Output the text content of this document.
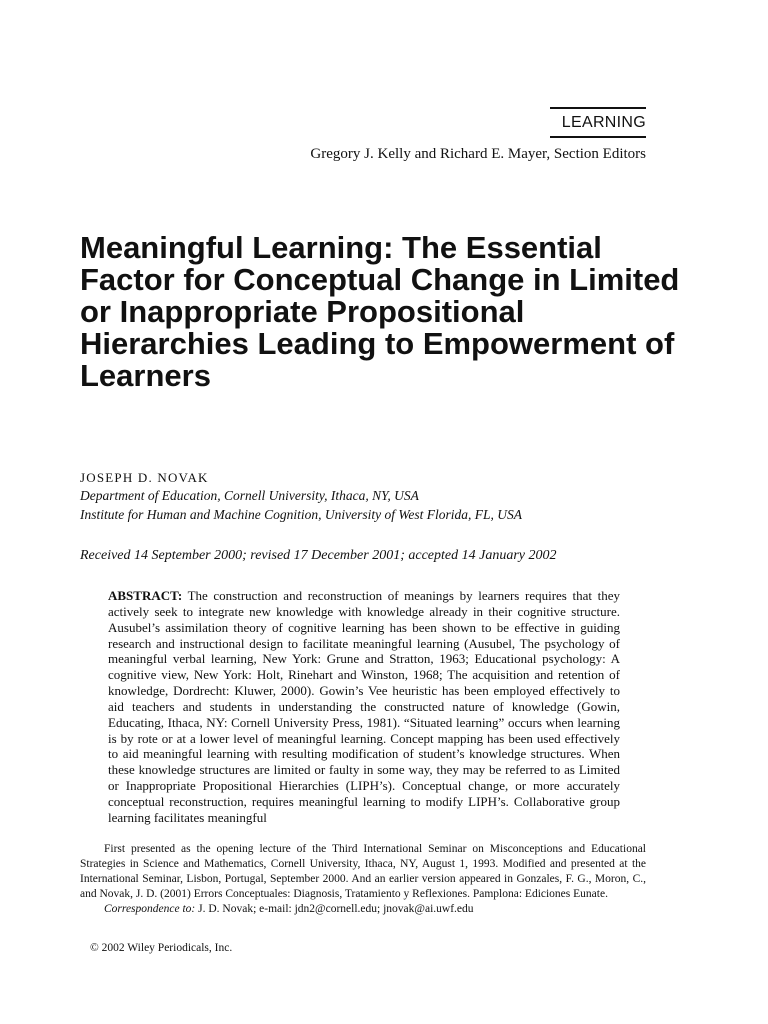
LEARNING
Gregory J. Kelly and Richard E. Mayer, Section Editors
Meaningful Learning: The Essential Factor for Conceptual Change in Limited or Inappropriate Propositional Hierarchies Leading to Empowerment of Learners
JOSEPH D. NOVAK
Department of Education, Cornell University, Ithaca, NY, USA
Institute for Human and Machine Cognition, University of West Florida, FL, USA
Received 14 September 2000; revised 17 December 2001; accepted 14 January 2002

ABSTRACT: The construction and reconstruction of meanings by learners requires that they actively seek to integrate new knowledge with knowledge already in their cognitive structure. Ausubel’s assimilation theory of cognitive learning has been shown to be effective in guiding research and instructional design to facilitate meaningful learning (Ausubel, The psychology of meaningful verbal learning, New York: Grune and Stratton, 1963; Educational psychology: A cognitive view, New York: Holt, Rinehart and Winston, 1968; The acquisition and retention of knowledge, Dordrecht: Kluwer, 2000). Gowin’s Vee heuristic has been employed effectively to aid teachers and students in understanding the constructed nature of knowledge (Gowin, Educating, Ithaca, NY: Cornell University Press, 1981). “Situated learning” occurs when learning is by rote or at a lower level of meaningful learning. Concept mapping has been used effectively to aid meaningful learning with resulting modification of student’s knowledge structures. When these knowledge structures are limited or faulty in some way, they may be referred to as Limited or Inappropriate Propositional Hierarchies (LIPH’s). Conceptual change, or more accurately conceptual reconstruction, requires meaningful learning to modify LIPH’s. Collaborative group learning facilitates meaningful

First presented as the opening lecture of the Third International Seminar on Misconceptions and Educational Strategies in Science and Mathematics, Cornell University, Ithaca, NY, August 1, 1993. Modified and presented at the International Seminar, Lisbon, Portugal, September 2000. And an earlier version appeared in Gonzales, F. G., Moron, C., and Novak, J. D. (2001) Errors Conceptuales: Diagnosis, Tratamiento y Reflexiones. Pamplona: Ediciones Eunate.
Correspondence to: J. D. Novak; e-mail: jdn2@cornell.edu; jnovak@ai.uwf.edu
© 2002 Wiley Periodicals, Inc.
